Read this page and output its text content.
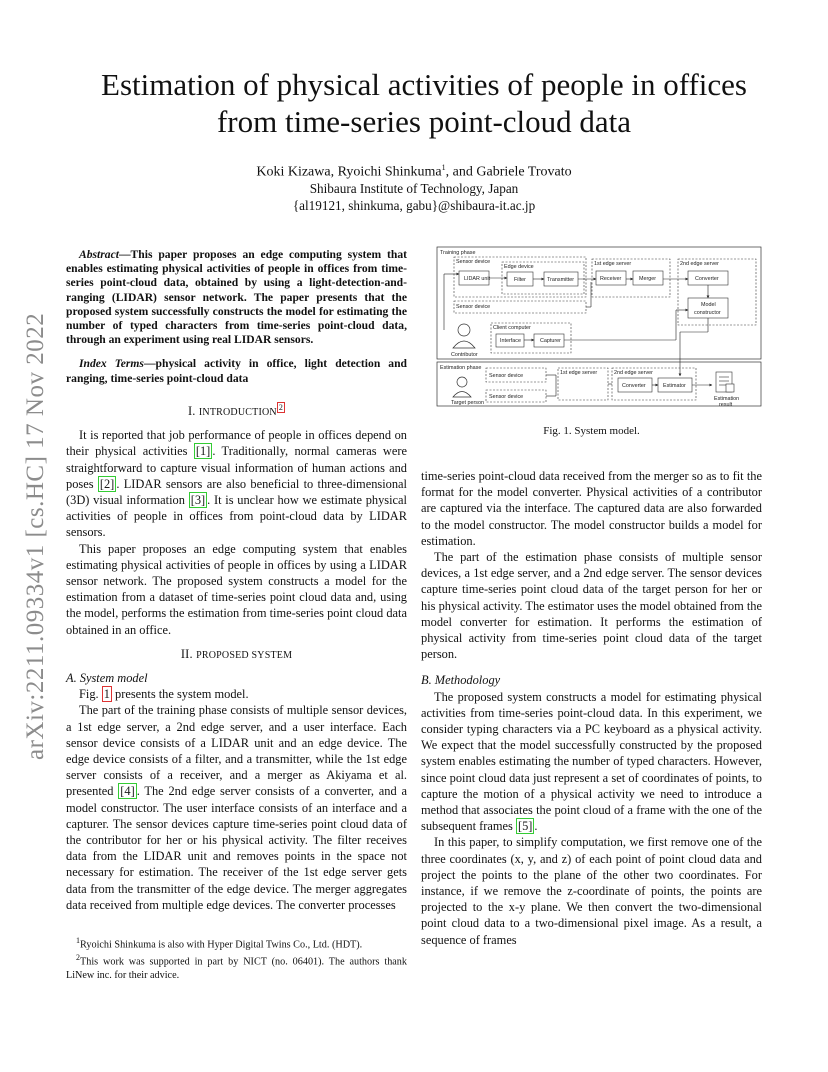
arXiv:2211.09334v1 [cs.HC] 17 Nov 2022
Estimation of physical activities of people in offices
from time-series point-cloud data
Koki Kizawa, Ryoichi Shinkuma$^1$, and Gabriele Trovato
Shibaura Institute of Technology, Japan
{al19121, shinkuma, gabu}@shibaura-it.ac.jp
Abstract—This paper proposes an edge computing system that enables estimating physical activities of people in offices from time-series point-cloud data, obtained by using a light-detection-and-ranging (LIDAR) sensor network. The paper presents that the proposed system successfully constructs the model for estimating the number of typed characters from time-series point-cloud data, through an experiment using real LIDAR sensors.
Index Terms—physical activity in office, light detection and ranging, time-series point-cloud data
I. INTRODUCTION $^2$

It is reported that job performance of people in offices depend on their physical activities [1] . Traditionally, normal cameras were straightforward to capture visual information of human actions and poses [2] . LIDAR sensors are also beneficial to three-dimensional (3D) visual information [3] . It is unclear how we estimate physical activities of people in offices from point-cloud data by LIDAR sensors.

This paper proposes an edge computing system that enables estimating physical activities of people in offices by using a LIDAR sensor network. The proposed system constructs a model for the estimation from a dataset of time-series point cloud data and, using the model, performs the estimation from time-series point cloud data obtained in an office.

II. PROPOSED SYSTEM

A. System model

Fig. 1 presents the system model.

The part of the training phase consists of multiple sensor devices, a 1st edge server, a 2nd edge server, and a user interface. Each sensor device consists of a LIDAR unit and an edge device. The edge device consists of a filter, and a transmitter, while the 1st edge server consists of a receiver, and a merger as Akiyama et al. presented [4] . The 2nd edge server consists of a converter, and a model constructor. The user interface consists of an interface and a capturer. The sensor devices capture time-series point cloud data of the contributor for her or his physical activity. The filter receives data from the LIDAR unit and removes points in the space not necessary for estimation. The receiver of the 1st edge server gets data from the transmitter of the edge device. The merger aggregates data received from multiple edge devices. The converter processes

$^1$Ryoichi Shinkuma is also with Hyper Digital Twins Co., Ltd. (HDT).

$^2$This work was supported in part by NICT (no. 06401). The authors thank LiNew inc. for their advice.

Training phase
Sensor device
LIDAR unit
Edge device
Filter	Transmitter
Sensor device
1st edge server
Receiver	Merger
2nd edge server
Converter
Model
constructor
Contributor
Client computer
Interface	Capturer
Estimation phase
Target person
Sensor device
Sensor device
1st edge server	2nd edge server
Converter	Estimator
Estimation
result
Fig. 1. System model.

time-series point-cloud data received from the merger so as to fit the format for the model converter. Physical activities of a contributor are captured via the interface. The captured data are also forwarded to the model constructor. The model constructor builds a model for estimation.

The part of the estimation phase consists of multiple sensor devices, a 1st edge server, and a 2nd edge server. The sensor devices capture time-series point cloud data of the target person for her or his physical activity. The estimator uses the model obtained from the model converter for estimation. It performs the estimation of physical activity from time-series point cloud data of the target person.

B. Methodology

The proposed system constructs a model for estimating physical activities from time-series point-cloud data. In this experiment, we consider typing characters via a PC keyboard as a physical activity. We expect that the model successfully constructed by the proposed system enables estimating the number of typed characters. However, since point cloud data just represent a set of coordinates of points, to capture the motion of a physical activity we need to introduce a method that associates the point cloud of a frame with the one of the subsequent frames [5] .

In this paper, to simplify computation, we first remove one of the three coordinates (x, y, and z) of each point of point cloud data and project the points to the plane of the other two coordinates. For instance, if we remove the z-coordinate of points, the points are projected to the x-y plane. We then convert the two-dimensional point cloud data to a two-dimensional pixel image. As a result, a sequence of frames
